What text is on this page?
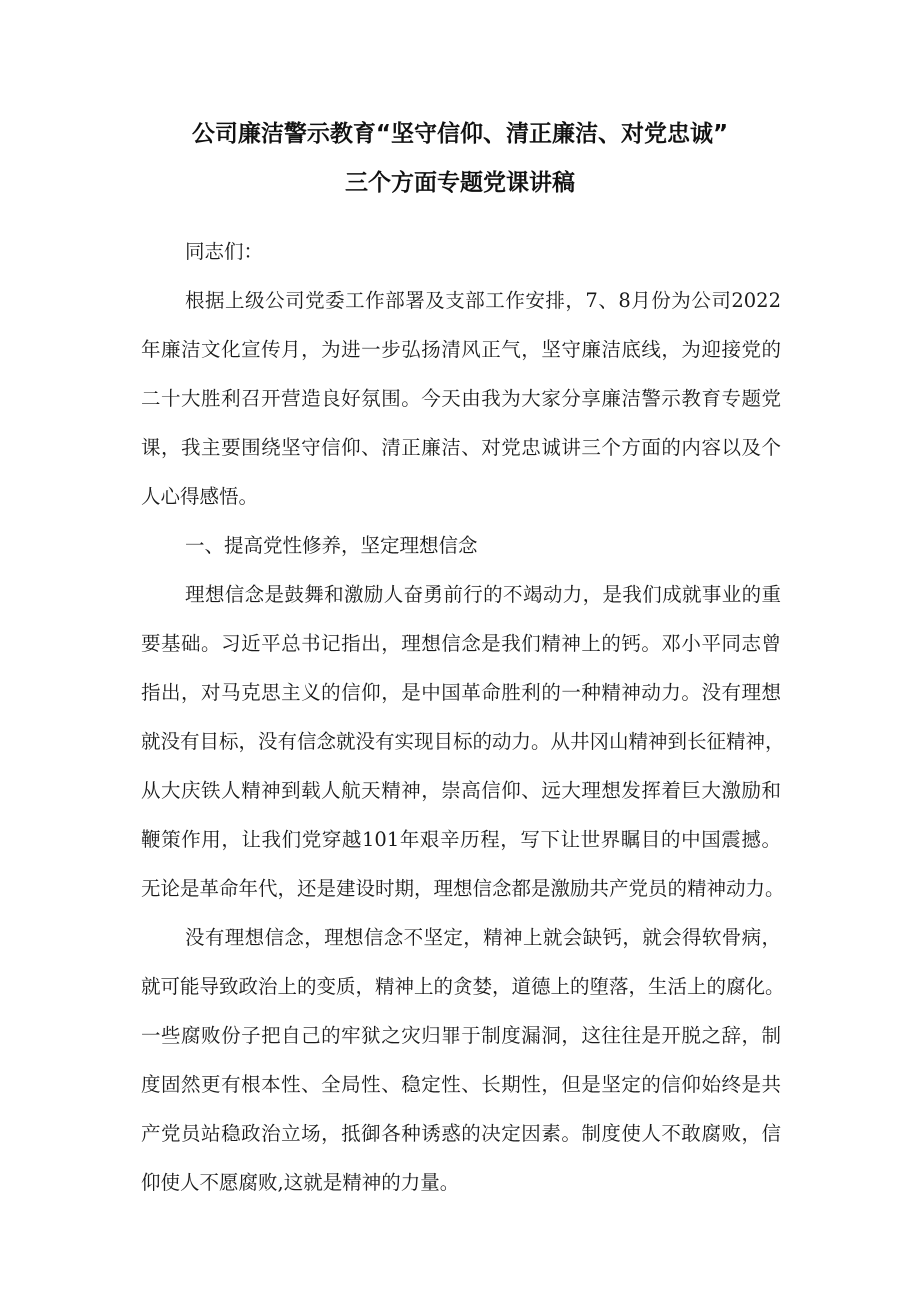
公司廉洁警示教育“坚守信仰、清正廉洁、对党忠诚”
三个方面专题党课讲稿
同志们：
根据上级公司党委工作部署及支部工作安排，7、8月份为公司2022
年廉洁文化宣传月，为进一步弘扬清风正气，坚守廉洁底线，为迎接党的
二十大胜利召开营造良好氛围。今天由我为大家分享廉洁警示教育专题党
课，我主要围绕坚守信仰、清正廉洁、对党忠诚讲三个方面的内容以及个
人心得感悟。
一、提高党性修养，坚定理想信念
理想信念是鼓舞和激励人奋勇前行的不竭动力，是我们成就事业的重
要基础。习近平总书记指出，理想信念是我们精神上的钙。邓小平同志曾
指出，对马克思主义的信仰，是中国革命胜利的一种精神动力。没有理想
就没有目标，没有信念就没有实现目标的动力。从井冈山精神到长征精神，
从大庆铁人精神到载人航天精神，崇高信仰、远大理想发挥着巨大激励和
鞭策作用，让我们党穿越101年艰辛历程，写下让世界瞩目的中国震撼。
无论是革命年代，还是建设时期，理想信念都是激励共产党员的精神动力。
没有理想信念，理想信念不坚定，精神上就会缺钙，就会得软骨病，
就可能导致政治上的变质，精神上的贪婪，道德上的堕落，生活上的腐化。
一些腐败份子把自己的牢狱之灾归罪于制度漏洞，这往往是开脱之辞，制
度固然更有根本性、全局性、稳定性、长期性，但是坚定的信仰始终是共
产党员站稳政治立场，抵御各种诱惑的决定因素。制度使人不敢腐败，信
仰使人不愿腐败,这就是精神的力量。
